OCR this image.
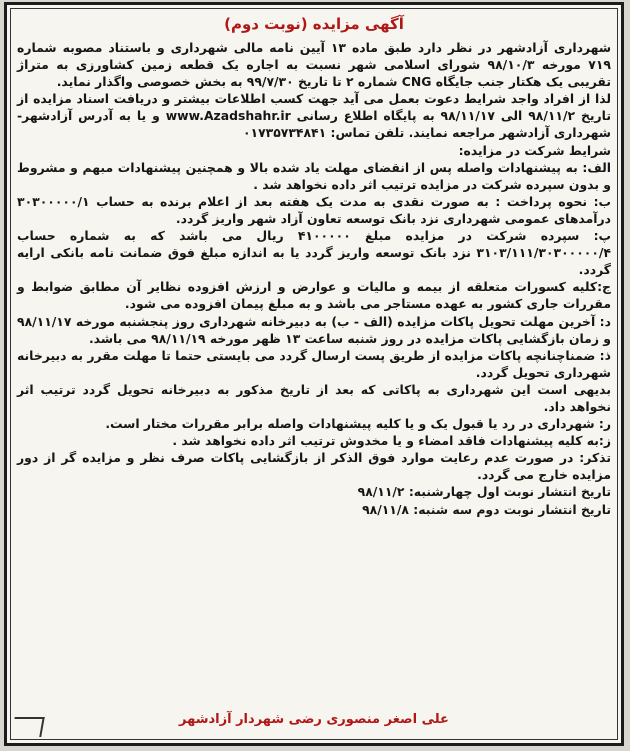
آگهی مزایده (نوبت دوم)

شهرداری آزادشهر در نظر دارد طبق ماده ۱۳ آیین نامه مالی شهرداری و باستناد مصوبه شماره ۷۱۹ مورخه ۹۸/۱۰/۳ شورای اسلامی شهر نسبت به اجاره یک قطعه زمین کشاورزی به متراژ تقریبی یک هکتار جنب جایگاه CNG شماره ۲ تا تاریخ ۹۹/۷/۳۰ به بخش خصوصی واگذار نماید.

لذا از افراد واجد شرایط دعوت بعمل می آید جهت کسب اطلاعات بیشتر و دریافت اسناد مزایده از تاریخ ۹۸/۱۱/۲ الی ۹۸/۱۱/۱۷ به پایگاه اطلاع رسانی www.Azadshahr.ir و یا به آدرس آزادشهر- شهرداری آزادشهر مراجعه نمایند. تلفن تماس: ۰۱۷۳۵۷۳۴۸۴۱

شرایط شرکت در مزایده:

الف: به پیشنهادات واصله پس از انقضای مهلت یاد شده بالا و همچنین پیشنهادات مبهم و مشروط و بدون سپرده شرکت در مزایده ترتیب اثر داده نخواهد شد .

ب: نحوه پرداخت : به صورت نقدی به مدت یک هفته بعد از اعلام برنده به حساب ۳۰۳۰۰۰۰۰/۱ درآمدهای عمومی شهرداری نزد بانک توسعه تعاون آزاد شهر واریز گردد.

پ: سپرده شرکت در مزایده مبلغ ۴۱۰۰۰۰۰ ریال می باشد که به شماره حساب ۳۱۰۳/۱۱۱/۳۰۳۰۰۰۰۰/۴ نزد بانک توسعه واریز گردد یا به اندازه مبلغ فوق ضمانت نامه بانکی ارایه گردد.

ج:کلیه کسورات متعلقه از بیمه و مالیات و عوارض و ارزش افزوده نظایر آن مطابق ضوابط و مقررات جاری کشور به عهده مستاجر می باشد و به مبلغ پیمان افزوده می شود.

د: آخرین مهلت تحویل پاکات مزایده (الف - ب) به دبیرخانه شهرداری روز پنجشنبه مورخه ۹۸/۱۱/۱۷ و زمان بازگشایی پاکات مزایده در روز شنبه ساعت ۱۳ ظهر مورخه ۹۸/۱۱/۱۹ می باشد.

ذ: ضمناچنانچه پاکات مزایده از طریق پست ارسال گردد می بایستی حتما تا مهلت مقرر به دبیرخانه شهرداری تحویل گردد.

بدیهی است این شهرداری به پاکاتی که بعد از تاریخ مذکور به دبیرخانه تحویل گردد ترتیب اثر نخواهد داد.

ر: شهرداری در رد یا قبول یک و یا کلیه پیشنهادات واصله برابر مقررات مختار است.

ز:به کلیه پیشنهادات فاقد امضاء و یا مخدوش ترتیب اثر داده نخواهد شد .

تذکر: در صورت عدم رعایت موارد فوق الذکر از بازگشایی پاکات صرف نظر و مزایده گر از دور مزایده خارج می گردد.

تاریخ انتشار نوبت اول چهارشنبه: ۹۸/۱۱/۲

تاریخ انتشار نوبت دوم سه شنبه: ۹۸/۱۱/۸

علی اصغر منصوری رضی شهردار آزادشهر
